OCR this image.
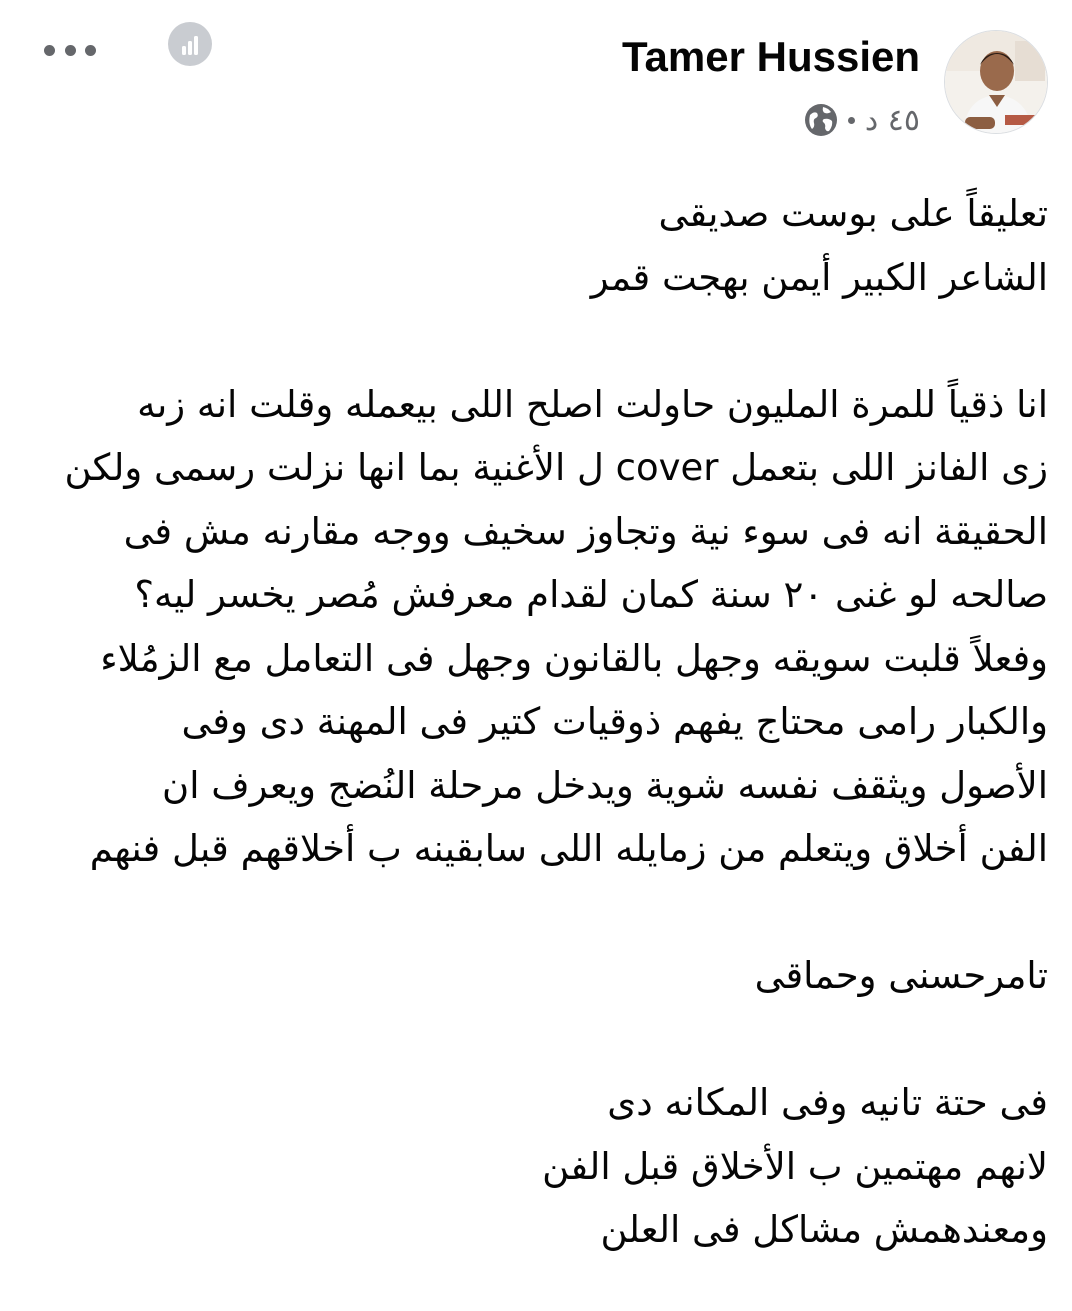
Tamer Hussien
٤٥ د
تعليقاً على بوست صديقى
الشاعر الكبير أيمن بهجت قمر
انا ذقياً للمرة المليون حاولت اصلح اللى بيعمله وقلت انه زىه
زى الفانز اللى بتعمل cover ل الأغنية بما انها نزلت رسمى ولكن
الحقيقة انه فى سوء نية وتجاوز سخيف ووجه مقارنه مش فى
صالحه لو غنى ٢٠ سنة كمان لقدام معرفش مُصر يخسر ليه؟
وفعلاً قلبت سويقه وجهل بالقانون وجهل فى التعامل مع الزمُلاء
والكبار رامى محتاج يفهم ذوقيات كتير فى المهنة دى وفى
الأصول ويثقف نفسه شوية ويدخل مرحلة النُضج ويعرف ان
الفن أخلاق ويتعلم من زمايله اللى سابقينه ب أخلاقهم قبل فنهم
تامرحسنى وحماقى
فى حتة تانيه وفى المكانه دى
لانهم مهتمين ب الأخلاق قبل الفن
ومعندهمش مشاكل فى العلن
